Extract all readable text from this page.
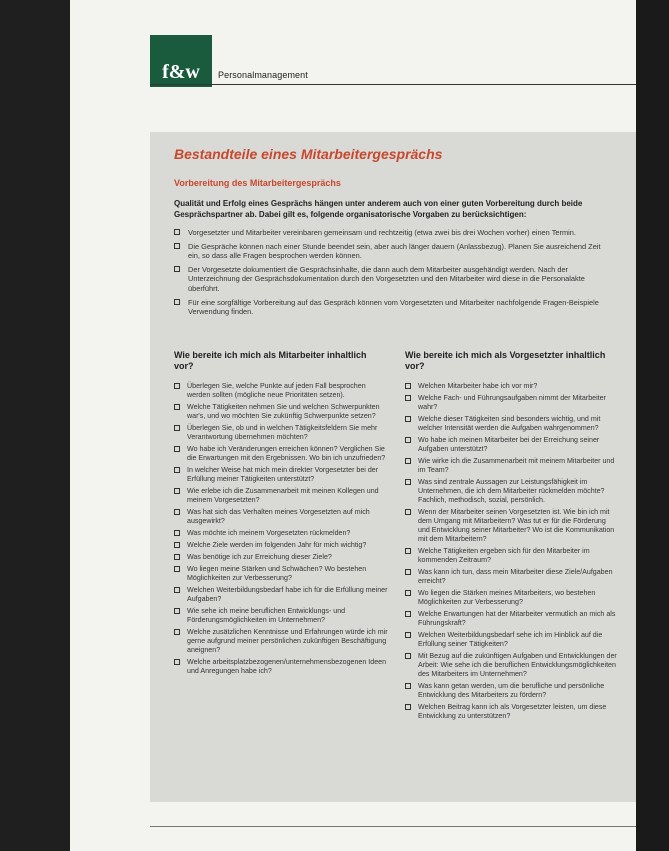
f&w	Personalmanagement
Bestandteile eines Mitarbeitergesprächs
Vorbereitung des Mitarbeitergesprächs
Qualität und Erfolg eines Gesprächs hängen unter anderem auch von einer guten Vorbereitung durch beide Gesprächspartner ab. Dabei gilt es, folgende organisatorische Vorgaben zu berücksichtigen:
Vorgesetzter und Mitarbeiter vereinbaren gemeinsam und rechtzeitig (etwa zwei bis drei Wochen vorher) einen Termin.
Die Gespräche können nach einer Stunde beendet sein, aber auch länger dauern (Anlassbezug). Planen Sie ausreichend Zeit ein, so dass alle Fragen besprochen werden können.
Der Vorgesetzte dokumentiert die Gesprächsinhalte, die dann auch dem Mitarbeiter ausgehändigt werden. Nach der Unterzeichnung der Gesprächsdokumentation durch den Vorgesetzten und den Mitarbeiter wird diese in die Personalakte überführt.
Für eine sorgfältige Vorbereitung auf das Gespräch können vom Vorgesetzten und Mitarbeiter nachfolgende Fragen-Beispiele Verwendung finden.
Wie bereite ich mich als Mitarbeiter inhaltlich vor?
Wie bereite ich mich als Vorgesetzter inhaltlich vor?
Überlegen Sie, welche Punkte auf jeden Fall besprochen werden sollten (mögliche neue Prioritäten setzen).
Welche Tätigkeiten nehmen Sie und welchen Schwerpunkten war's, und wo möchten Sie zukünftig Schwerpunkte setzen?
Überlegen Sie, ob und in welchen Tätigkeitsfeldern Sie mehr Verantwortung übernehmen möchten?
Wo habe ich Veränderungen erreichen können? Verglichen Sie die Erwartungen mit den Ergebnissen. Wo bin ich unzufrieden?
In welcher Weise hat mich mein direkter Vorgesetzter bei der Erfüllung meiner Tätigkeiten unterstützt?
Wie erlebe ich die Zusammenarbeit mit meinen Kollegen und meinem Vorgesetzten?
Was hat sich das Verhalten meines Vorgesetzten auf mich ausgewirkt?
Was möchte ich meinem Vorgesetzten rückmelden?
Welche Ziele werden im folgenden Jahr für mich wichtig?
Was benötige ich zur Erreichung dieser Ziele?
Wo liegen meine Stärken und Schwächen? Wo bestehen Möglichkeiten zur Verbesserung?
Welchen Weiterbildungsbedarf habe ich für die Erfüllung meiner Aufgaben?
Wie sehe ich meine beruflichen Entwicklungs- und Förderungsmöglichkeiten im Unternehmen?
Welche zusätzlichen Kenntnisse und Erfahrungen würde ich mir gerne aufgrund meiner persönlichen zukünftigen Beschäftigung aneignen?
Welche arbeitsplatzbezogenen/unternehmensbezogenen Ideen und Anregungen habe ich?
Welchen Mitarbeiter habe ich vor mir?
Welche Fach- und Führungsaufgaben nimmt der Mitarbeiter wahr?
Welche dieser Tätigkeiten sind besonders wichtig, und mit welcher Intensität werden die Aufgaben wahrgenommen?
Wo habe ich meinen Mitarbeiter bei der Erreichung seiner Aufgaben unterstützt?
Wie wirke ich die Zusammenarbeit mit meinem Mitarbeiter und im Team?
Was sind zentrale Aussagen zur Leistungsfähigkeit im Unternehmen, die ich dem Mitarbeiter rückmelden möchte? Fachlich, methodisch, sozial, persönlich.
Wenn der Mitarbeiter seinen Vorgesetzten ist. Wie bin ich mit dem Umgang mit Mitarbeitern? Was tut er für die Förderung und Entwicklung seiner Mitarbeiter? Wo ist die Kommunikation mit dem Mitarbeitern?
Welche Tätigkeiten ergeben sich für den Mitarbeiter im kommenden Zeitraum?
Was kann ich tun, dass mein Mitarbeiter diese Ziele/Aufgaben erreicht?
Wo liegen die Stärken meines Mitarbeiters, wo bestehen Möglichkeiten zur Verbesserung?
Welche Erwartungen hat der Mitarbeiter vermutlich an mich als Führungskraft?
Welchen Weiterbildungsbedarf sehe ich im Hinblick auf die Erfüllung seiner Tätigkeiten?
Mit Bezug auf die zukünftigen Aufgaben und Entwicklungen der Arbeit: Wie sehe ich die beruflichen Entwicklungsmöglichkeiten des Mitarbeiters im Unternehmen?
Was kann getan werden, um die berufliche und persönliche Entwicklung des Mitarbeiters zu fördern?
Welchen Beitrag kann ich als Vorgesetzter leisten, um diese Entwicklung zu unterstützen?
